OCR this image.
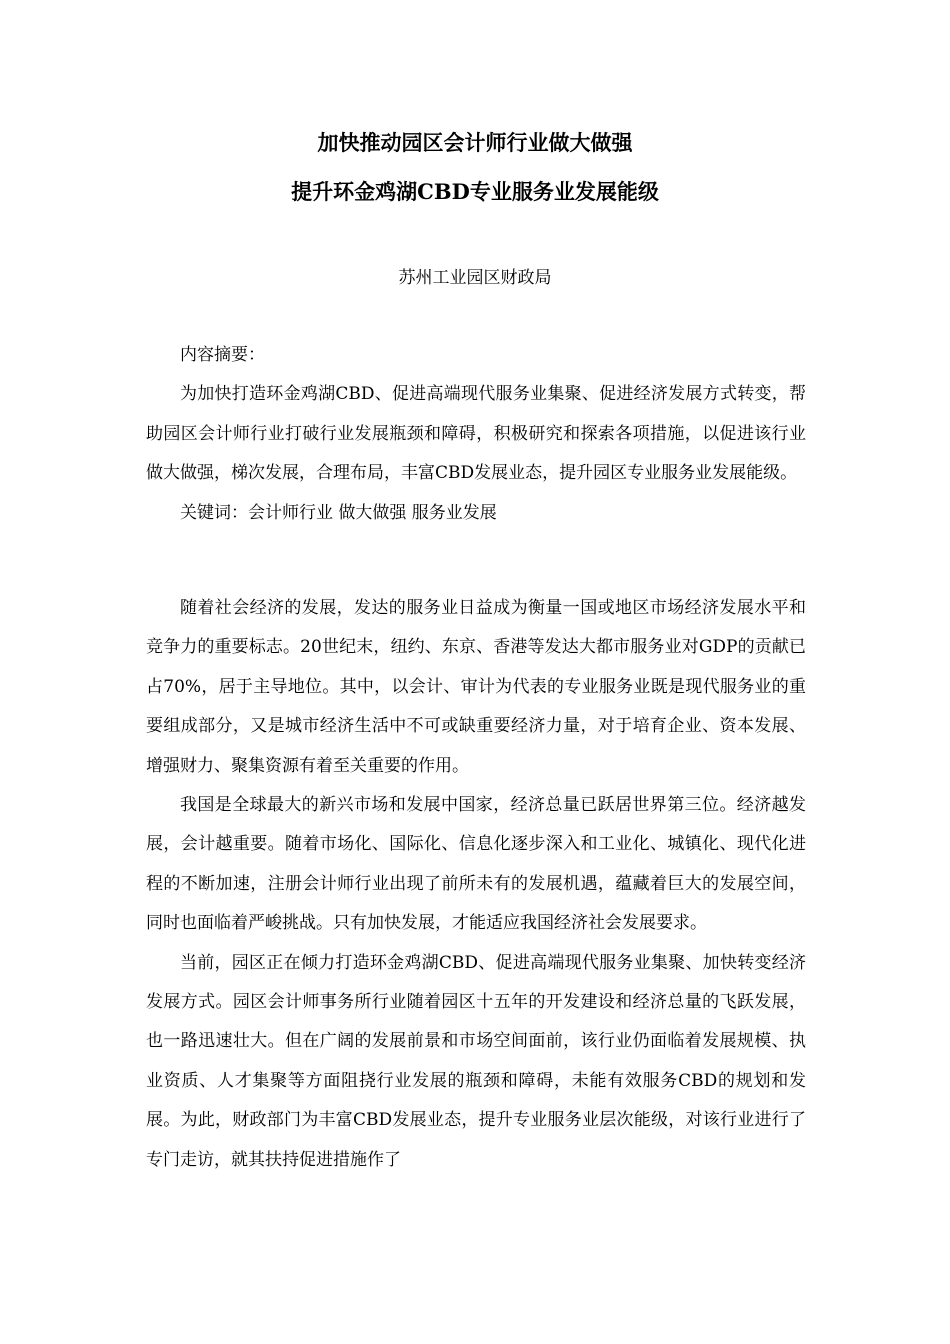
加快推动园区会计师行业做大做强
提升环金鸡湖CBD专业服务业发展能级
苏州工业园区财政局

内容摘要：

为加快打造环金鸡湖CBD、促进高端现代服务业集聚、促进经济发展方式转变，帮助园区会计师行业打破行业发展瓶颈和障碍，积极研究和探索各项措施，以促进该行业做大做强，梯次发展，合理布局，丰富CBD发展业态，提升园区专业服务业发展能级。

关键词：会计师行业 做大做强 服务业发展

随着社会经济的发展，发达的服务业日益成为衡量一国或地区市场经济发展水平和竞争力的重要标志。20世纪末，纽约、东京、香港等发达大都市服务业对GDP的贡献已占70%，居于主导地位。其中，以会计、审计为代表的专业服务业既是现代服务业的重要组成部分，又是城市经济生活中不可或缺重要经济力量，对于培育企业、资本发展、增强财力、聚集资源有着至关重要的作用。

我国是全球最大的新兴市场和发展中国家，经济总量已跃居世界第三位。经济越发展，会计越重要。随着市场化、国际化、信息化逐步深入和工业化、城镇化、现代化进程的不断加速，注册会计师行业出现了前所未有的发展机遇，蕴藏着巨大的发展空间，同时也面临着严峻挑战。只有加快发展，才能适应我国经济社会发展要求。

当前，园区正在倾力打造环金鸡湖CBD、促进高端现代服务业集聚、加快转变经济发展方式。园区会计师事务所行业随着园区十五年的开发建设和经济总量的飞跃发展，也一路迅速壮大。但在广阔的发展前景和市场空间面前，该行业仍面临着发展规模、执业资质、人才集聚等方面阻挠行业发展的瓶颈和障碍，未能有效服务CBD的规划和发展。为此，财政部门为丰富CBD发展业态，提升专业服务业层次能级，对该行业进行了专门走访，就其扶持促进措施作了
